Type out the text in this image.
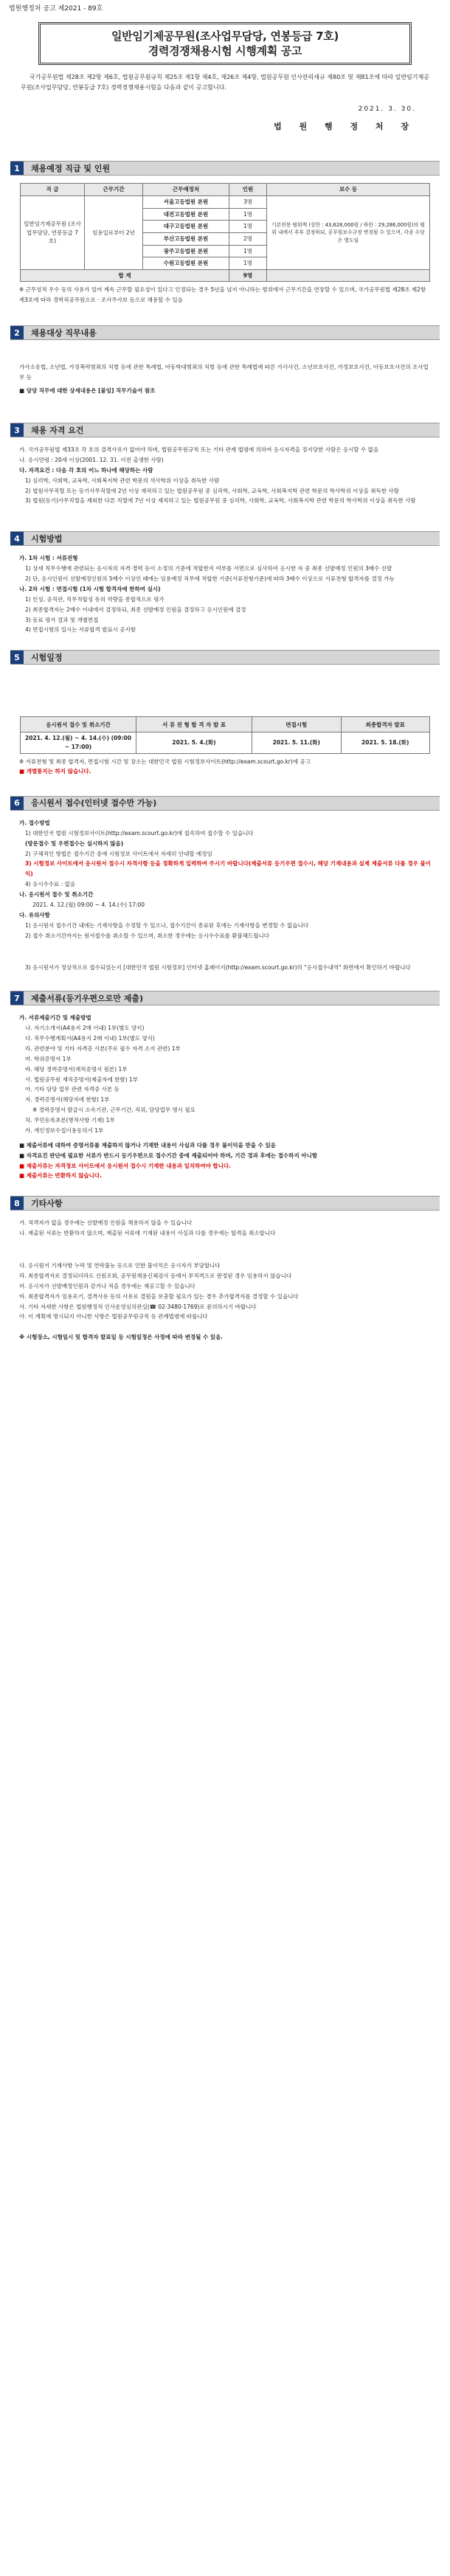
법원행정처 공고 제2021 - 89호
일반임기제공무원(조사업무담당, 연봉등급 7호)
경력경쟁채용시험 시행계획 공고
국가공무원법 제28조 제2항 제6호, 법원공무원규칙 제25조 제1항 제4호, 제26조 제4항, 법원공무원 인사관리세규 제80조 및 제81조에 따라 일반임기제공무원(조사업무담당, 연봉등급 7호) 경력경쟁채용시험을 다음과 같이 공고합니다.
2021. 3. 30.
법 원 행 정 처 장
1	채용예정 직급 및 인원
직 급	근무기간	근무예정처	인원	보수 등
일반임기제공무원 (조사업무담당, 연봉등급 7호)	임용일로부터 2년	서울고등법원 본원	3명	기본연봉 범위액 (상한 : 43,628,000원 / 하한 : 29,286,000원)의 범위 내에서 추후 결정하되, 공무원보수규정 변경될 수 있으며, 각종 수당은 별도임
		대전고등법원 본원	1명	
		대구고등법원 본원	1명	
		부산고등법원 본원	2명	
		광주고등법원 본원	1명	
		수원고등법원 본원	1명	
합 계			9명	
※ 근무성적 우수 등의 사유가 있어 계속 근무할 필요성이 있다고 인정되는 경우 5년을 넘지 아니하는 범위에서 근무기간을 연장할 수 있으며, 국가공무원법 제28조 제2항 제3호에 따라 경력직공무원으로 · 조사주사보 등으로 채용할 수 있음
2	채용대상 직무내용
가사소송법, 소년법, 가정폭력범죄의 처벌 등에 관한 특례법, 아동학대범죄의 처벌 등에 관한 특례법에 따른 가사사건, 소년보호사건, 가정보호사건, 아동보호사건의 조사업무 등
■ 담당 직무에 대한 상세내용은 [붙임] 직무기술서 참조
3	채용 자격 요건
가. 국가공무원법 제33조 각 호의 결격사유가 없어야 하며, 법원공무원규칙 또는 기타 관계 법령에 의하여 응시자격을 정지당한 사람은 응시할 수 없음
나. 응시연령 : 20세 이상(2001. 12. 31. 이전 출생한 사람)
다. 자격요건 : 다음 각 호의 어느 하나에 해당하는 사람
1) 심리학, 사회학, 교육학, 사회복지학 관련 학문의 석사학위 이상을 취득한 사람
2) 법원사무직렬 또는 등기사무직렬에 2년 이상 재직하고 있는 법원공무원 중 심리학, 사회학, 교육학, 사회복지학 관련 학문의 학사학위 이상을 취득한 사람
3) 법원(등기)사무직렬을 제외한 다른 직렬에 7년 이상 재직하고 있는 법원공무원 중 심리학, 사회학, 교육학, 사회복지학 관련 학문의 학사학위 이상을 취득한 사람
4	시험방법
가. 1차 시험 : 서류전형
1) 상세 직무수행에 관련되는 응시자의 자격·경력 등이 소정의 기준에 적합한지 여부를 서면으로 심사하여 응시한 자 중 최종 선발예정 인원의 3배수 선발
2) 단, 응시인원이 선발예정인원의 5배수 이상인 때에는 임용예정 직무에 적합한 기준(서류전형기준)에 따라 3배수 이상으로 서류전형 합격자를 결정 가능
나. 2차 시험 : 면접시험 (1차 시험 합격자에 한하여 실시)
1) 인성, 공직관, 직무적합성 등의 역량을 종합적으로 평가
2) 최종합격자는 2배수 이내에서 결정하되, 최종 선발예정 인원을 결정하고 응시인원에 결정
3) 동료 평가 결과 및 개별면접
4) 면접시험의 일시는 서류합격 발표시 공지함
5	시험일정
응시원서 접수 및 취소기간	서 류 전 형 합 격 자 발 표	면접시험	최종합격자 발표
2021. 4. 12.(월) ~ 4. 14.(수) (09:00 ~ 17:00)	2021. 5. 4.(화)	2021. 5. 11.(화)	2021. 5. 18.(화)
※ 서류전형 및 최종 합격자, 면접시험 시간 및 장소는 대한민국 법원 시험정보사이트(http://exam.scourt.go.kr)에 공고
■ 개별통지는 하지 않습니다.
6	응시원서 접수(인터넷 접수만 가능)
가. 접수방법
1) 대한민국 법원 시험정보사이트(http://exam.scourt.go.kr)에 접속하여 접수할 수 있습니다
(방문접수 및 우편접수는 실시하지 않음)
2) 구체적인 방법은 접수기간 중에 시험정보 사이트에서 자세히 안내할 예정임
3) 시험정보 사이트에서 응시원서 접수시 자격사항 등을 정확하게 입력하여 주시기 바랍니다(제출서류 등기우편 접수시, 해당 기재내용과 실제 제출서류 다를 경우 불이익)
4) 응시수수료 : 없음
나. 응시원서 접수 및 취소기간
2021. 4. 12.(월) 09:00 ~ 4. 14.(수) 17:00
다. 유의사항
1) 응시원서 접수기간 내에는 기재사항을 수정할 수 있으나, 접수기간이 종료된 후에는 기재사항을 변경할 수 없습니다
2) 접수 취소기간까지는 원서접수를 취소할 수 있으며, 취소한 경우에는 응시수수료를 환불해드립니다
3) 응시원서가 정상적으로 접수되었는지 [대한민국 법원 시험정보] 인터넷 홈페이지(http://exam.scourt.go.kr)의 "응시접수내역" 화면에서 확인하기 바랍니다
7	제출서류(등기우편으로만 제출)
가. 서류제출기간 및 제출방법
나. 자기소개서(A4용지 2매 이내) 1부(별도 양식)
다. 직무수행계획서(A4용지 2매 이내) 1부(별도 양식)
라. 관련분야 및 기타 자격증 사본(주로 필수 자격 소지 관련) 1부
마. 학위증명서 1부
바. 해당 경력증명서(재직증명서 원본) 1부
사. 법원공무원 재직증명서(제출자에 한함) 1부
아. 기타 담당 업무 관련 자격증 사본 등
자. 경력증명서(해당자에 한함) 1부
※ 경력증명서 발급시 소속기관, 근무기간, 직위, 담당업무 명시 필요
차. 주민등록초본(병적사항 기재) 1부
카. 개인정보수집이용동의서 1부
■ 제출서류에 대하여 증명서류를 제출하지 않거나 기재한 내용이 사실과 다를 경우 불이익을 받을 수 있음
■ 자격요건 판단에 필요한 서류가 반드시 등기우편으로 접수기간 중에 제출되어야 하며, 기간 경과 후에는 접수하지 아니함
■ 제출서류는 자격정보 사이트에서 응시원서 접수시 기재한 내용과 일치하여야 합니다.
■ 제출서류는 반환하지 않습니다.
8	기타사항
가. 적격자가 없을 경우에는 선발예정 인원을 채용하지 않을 수 있습니다
나. 제출된 서류는 반환하지 않으며, 제출된 서류에 기재된 내용이 사실과 다를 경우에는 합격을 취소합니다
다. 응시원서 기재사항 누락 및 연락불능 등으로 인한 불이익은 응시자가 부담합니다
라. 최종합격자로 결정되더라도 신원조회, 공무원채용신체검사 등에서 부적격으로 판정된 경우 임용하지 않습니다
마. 응시자가 선발예정인원과 같거나 적을 경우에는 재공고할 수 있습니다
바. 최종합격자가 임용포기, 결격사유 등의 사유로 결원을 보충할 필요가 있는 경우 추가합격자를 결정할 수 있습니다
사. 기타 자세한 사항은 법원행정처 인사운영심의관실(☎ 02-3480-1769)로 문의하시기 바랍니다
아. 이 계획에 명시되지 아니한 사항은 법원공무원규칙 등 관계법령에 따릅니다
※ 시험장소, 시험일시 및 합격자 발표일 등 시험일정은 사정에 따라 변경될 수 있음.
